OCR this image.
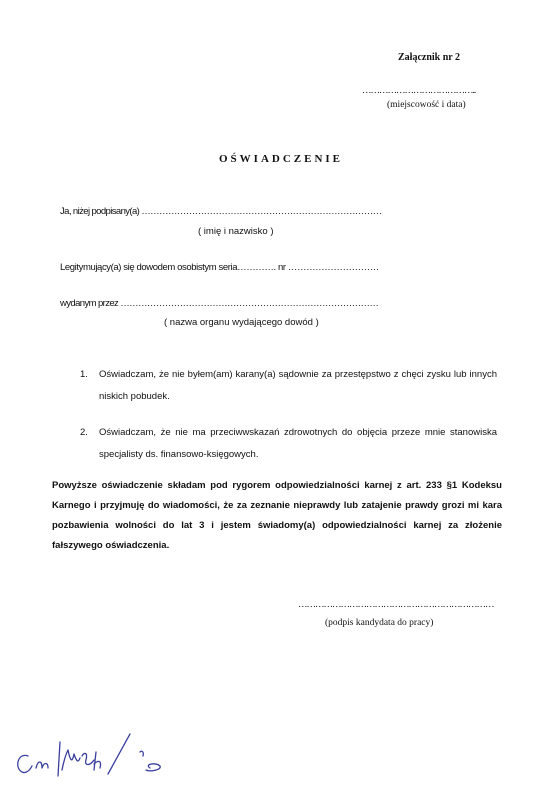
Załącznik nr 2
…………………………………..
(miejscowość i data)
OŚWIADCZENIE
Ja, niżej podpisany(a) ………………………………………………………………………
( imię i nazwisko )
Legitymujący(a) się dowodem osobistym seria…………. nr …………………………
wydanym przez ……………………………………………………………………………
( nazwa organu wydającego dowód )
1. Oświadczam, że nie byłem(am) karany(a) sądownie za przestępstwo z chęci zysku lub innych niskich pobudek.
2. Oświadczam, że nie ma przeciwwskazań zdrowotnych do objęcia przeze mnie stanowiska specjalisty ds. finansowo-księgowych.
Powyższe oświadczenie składam pod rygorem odpowiedzialności karnej z art. 233 §1 Kodeksu Karnego i przyjmuję do wiadomości, że za zeznanie nieprawdy lub zatajenie prawdy grozi mi kara pozbawienia wolności do lat 3 i jestem świadomy(a) odpowiedzialności karnej za złożenie fałszywego oświadczenia.
……………………………………………………………
(podpis kandydata do pracy)
